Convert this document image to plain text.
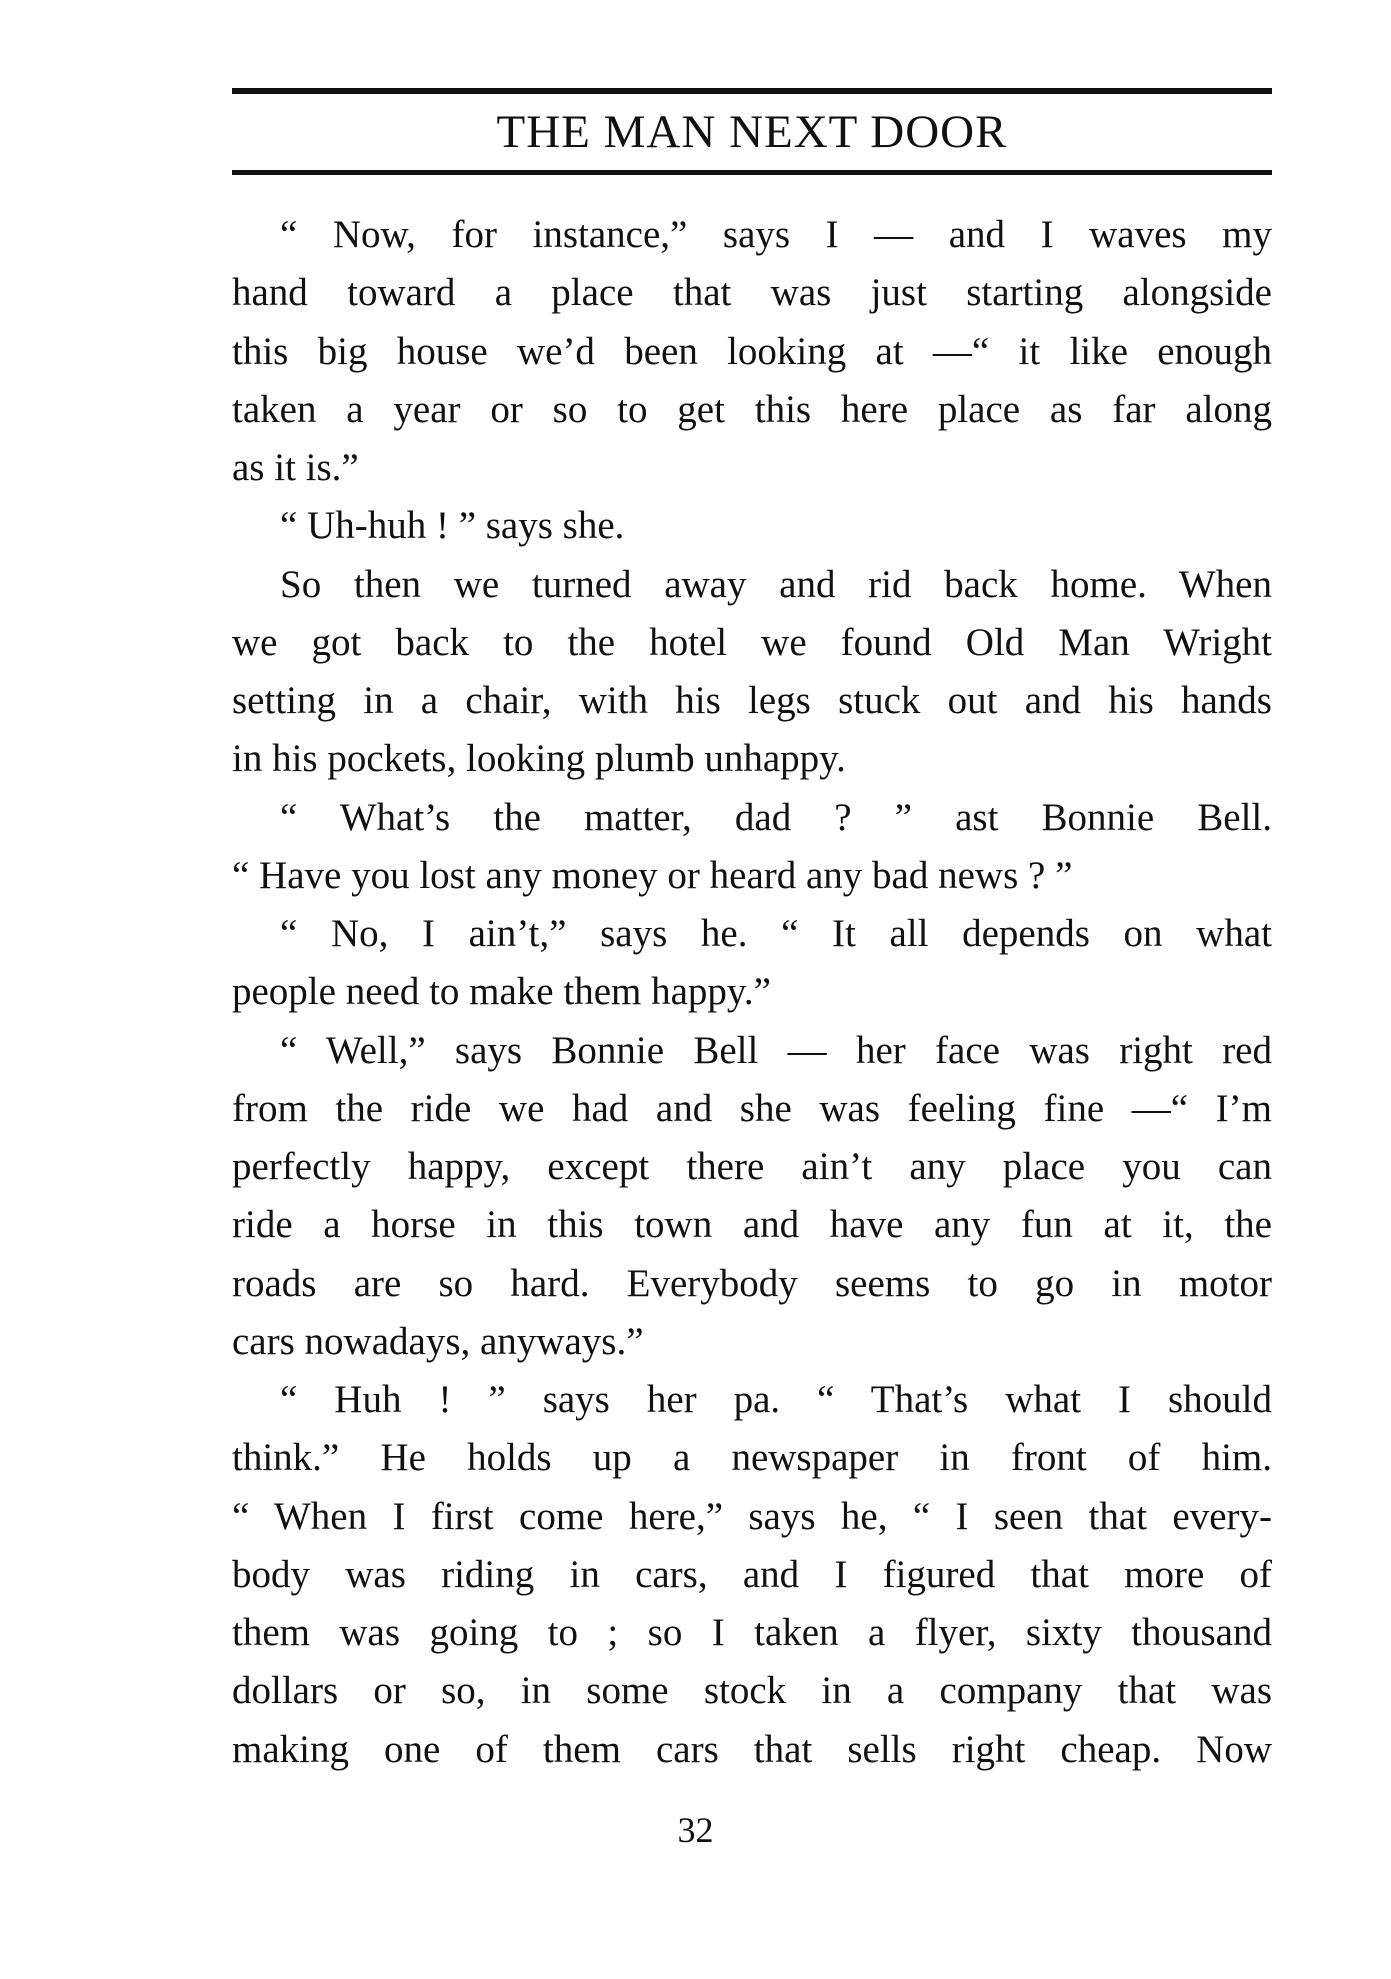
THE MAN NEXT DOOR
“ Now, for instance,” says I — and I waves my
hand toward a place that was just starting alongside
this big house we’d been looking at —“ it like enough
taken a year or so to get this here place as far along
as it is.”
“ Uh-huh ! ” says she.
So then we turned away and rid back home. When
we got back to the hotel we found Old Man Wright
setting in a chair, with his legs stuck out and his hands
in his pockets, looking plumb unhappy.
“ What’s the matter, dad ? ” ast Bonnie Bell.
“ Have you lost any money or heard any bad news ? ”
“ No, I ain’t,” says he. “ It all depends on what
people need to make them happy.”
“ Well,” says Bonnie Bell — her face was right red
from the ride we had and she was feeling fine —“ I’m
perfectly happy, except there ain’t any place you can
ride a horse in this town and have any fun at it, the
roads are so hard. Everybody seems to go in motor
cars nowadays, anyways.”
“ Huh ! ” says her pa. “ That’s what I should
think.” He holds up a newspaper in front of him.
“ When I first come here,” says he, “ I seen that every-
body was riding in cars, and I figured that more of
them was going to ; so I taken a flyer, sixty thousand
dollars or so, in some stock in a company that was
making one of them cars that sells right cheap. Now
32
